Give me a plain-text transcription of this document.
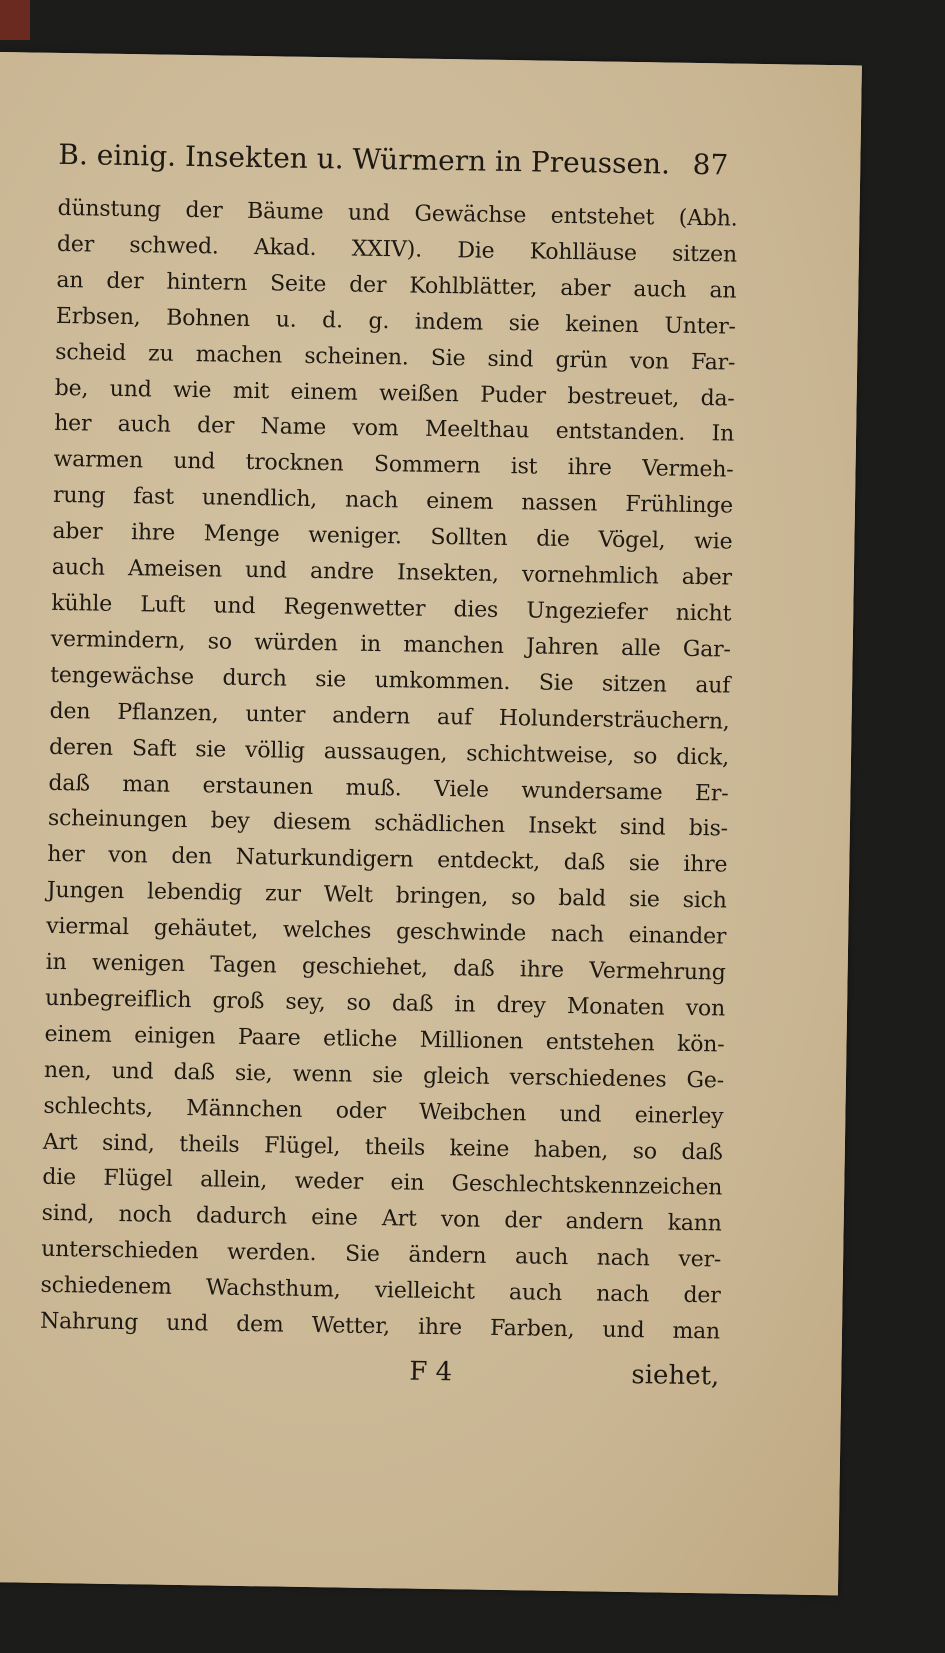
B. einig. Insekten u. Würmern in Preussen. 87
dünstung der Bäume und Gewächse entstehet (Abh.
der schwed. Akad. XXIV). Die Kohlläuse sitzen
an der hintern Seite der Kohlblätter, aber auch an
Erbsen, Bohnen u. d. g. indem sie keinen Unter-
scheid zu machen scheinen. Sie sind grün von Far-
be, und wie mit einem weißen Puder bestreuet, da-
her auch der Name vom Meelthau entstanden. In
warmen und trocknen Sommern ist ihre Vermeh-
rung fast unendlich, nach einem nassen Frühlinge
aber ihre Menge weniger. Sollten die Vögel, wie
auch Ameisen und andre Insekten, vornehmlich aber
kühle Luft und Regenwetter dies Ungeziefer nicht
vermindern, so würden in manchen Jahren alle Gar-
tengewächse durch sie umkommen. Sie sitzen auf
den Pflanzen, unter andern auf Holundersträuchern,
deren Saft sie völlig aussaugen, schichtweise, so dick,
daß man erstaunen muß. Viele wundersame Er-
scheinungen bey diesem schädlichen Insekt sind bis-
her von den Naturkundigern entdeckt, daß sie ihre
Jungen lebendig zur Welt bringen, so bald sie sich
viermal gehäutet, welches geschwinde nach einander
in wenigen Tagen geschiehet, daß ihre Vermehrung
unbegreiflich groß sey, so daß in drey Monaten von
einem einigen Paare etliche Millionen entstehen kön-
nen, und daß sie, wenn sie gleich verschiedenes Ge-
schlechts, Männchen oder Weibchen und einerley
Art sind, theils Flügel, theils keine haben, so daß
die Flügel allein, weder ein Geschlechtskennzeichen
sind, noch dadurch eine Art von der andern kann
unterschieden werden. Sie ändern auch nach ver-
schiedenem Wachsthum, vielleicht auch nach der
Nahrung und dem Wetter, ihre Farben, und man
F 4	siehet,
